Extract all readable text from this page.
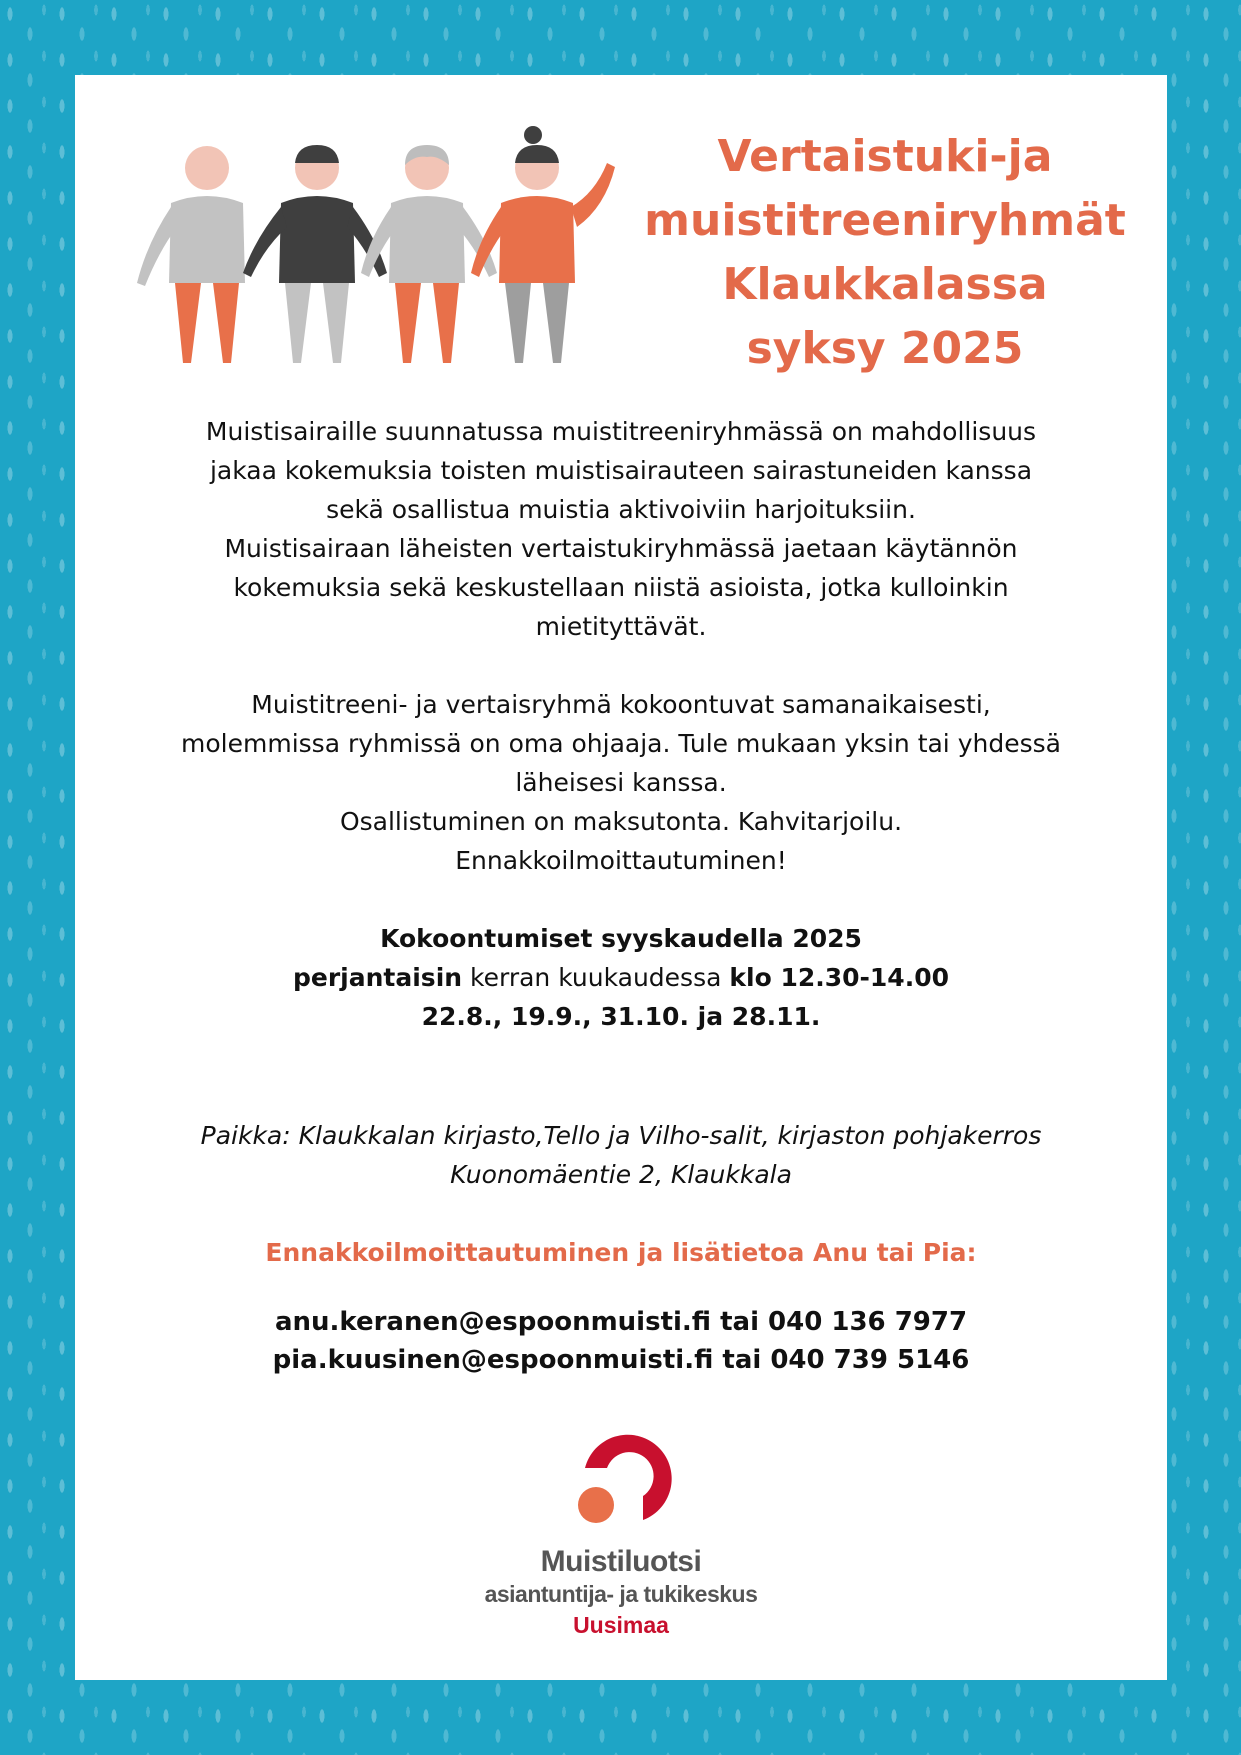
Vertaistuki-ja
muistitreeniryhmät
Klaukkalassa
syksy 2025
Muistisairaille suunnatussa muistitreeniryhmässä on mahdollisuus
jakaa kokemuksia toisten muistisairauteen sairastuneiden kanssa
sekä osallistua muistia aktivoiviin harjoituksiin.
Muistisairaan läheisten vertaistukiryhmässä jaetaan käytännön
kokemuksia sekä keskustellaan niistä asioista, jotka kulloinkin
mietityttävät.
Muistitreeni- ja vertaisryhmä kokoontuvat samanaikaisesti,
molemmissa ryhmissä on oma ohjaaja. Tule mukaan yksin tai yhdessä
läheisesi kanssa.
Osallistuminen on maksutonta. Kahvitarjoilu.
Ennakkoilmoittautuminen!
Kokoontumiset syyskaudella 2025
perjantaisin kerran kuukaudessa klo 12.30-14.00
22.8., 19.9., 31.10. ja 28.11.
Paikka: Klaukkalan kirjasto,Tello ja Vilho-salit, kirjaston pohjakerros
Kuonomäentie 2, Klaukkala
Ennakkoilmoittautuminen ja lisätietoa Anu tai Pia:
anu.keranen@espoonmuisti.fi tai 040 136 7977
pia.kuusinen@espoonmuisti.fi tai 040 739 5146
Muistiluotsi
asiantuntija- ja tukikeskus
Uusimaa
